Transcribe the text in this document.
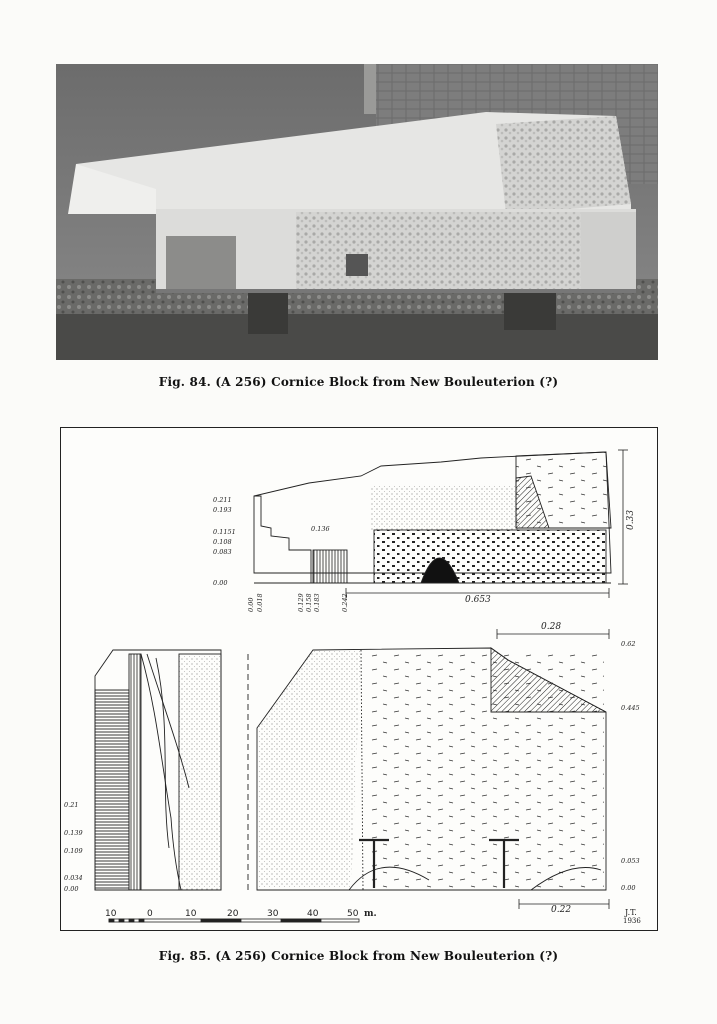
Fig. 84. (A 256) Cornice Block from New Bouleuterion (?)
0.211
0.193
0.1151
0.108
0.083
0.00
0.136
0.00 0.018	0.129 0.158 0.183	0.242
0.33
0.653
0.28
0.62
0.445
0.053
0.00
0.22
0.21
0.139
0.109
0.034
0.00
10	0	10	20	30	40	50 m.	J.T.
1936
Fig. 85. (A 256) Cornice Block from New Bouleuterion (?)
